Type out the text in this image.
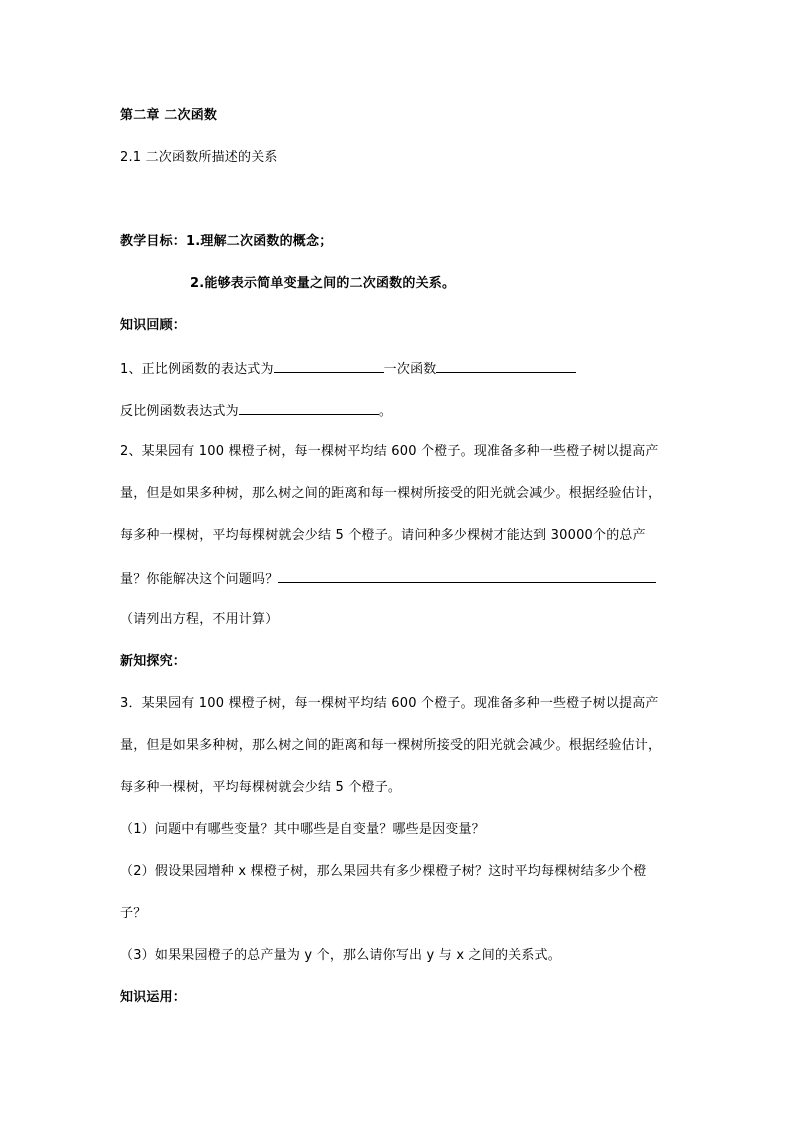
第二章 二次函数
2.1 二次函数所描述的关系
教学目标：1.理解二次函数的概念；
2.能够表示简单变量之间的二次函数的关系。
知识回顾：
1、正比例函数的表达式为	一次函数
反比例函数表达式为	。
2、某果园有 100 棵橙子树，每一棵树平均结 600 个橙子。现准备多种一些橙子树以提高产
量，但是如果多种树，那么树之间的距离和每一棵树所接受的阳光就会减少。根据经验估计，
每多种一棵树，平均每棵树就会少结 5 个橙子。请问种多少棵树才能达到 30000个的总产
量？你能解决这个问题吗？
（请列出方程，不用计算）
新知探究：
3．某果园有 100 棵橙子树，每一棵树平均结 600 个橙子。现准备多种一些橙子树以提高产
量，但是如果多种树，那么树之间的距离和每一棵树所接受的阳光就会减少。根据经验估计，
每多种一棵树，平均每棵树就会少结 5 个橙子。
（1）问题中有哪些变量？其中哪些是自变量？哪些是因变量？
（2）假设果园增种 x 棵橙子树，那么果园共有多少棵橙子树？这时平均每棵树结多少个橙
子？
（3）如果果园橙子的总产量为 y 个，那么请你写出 y 与 x 之间的关系式。
知识运用：
